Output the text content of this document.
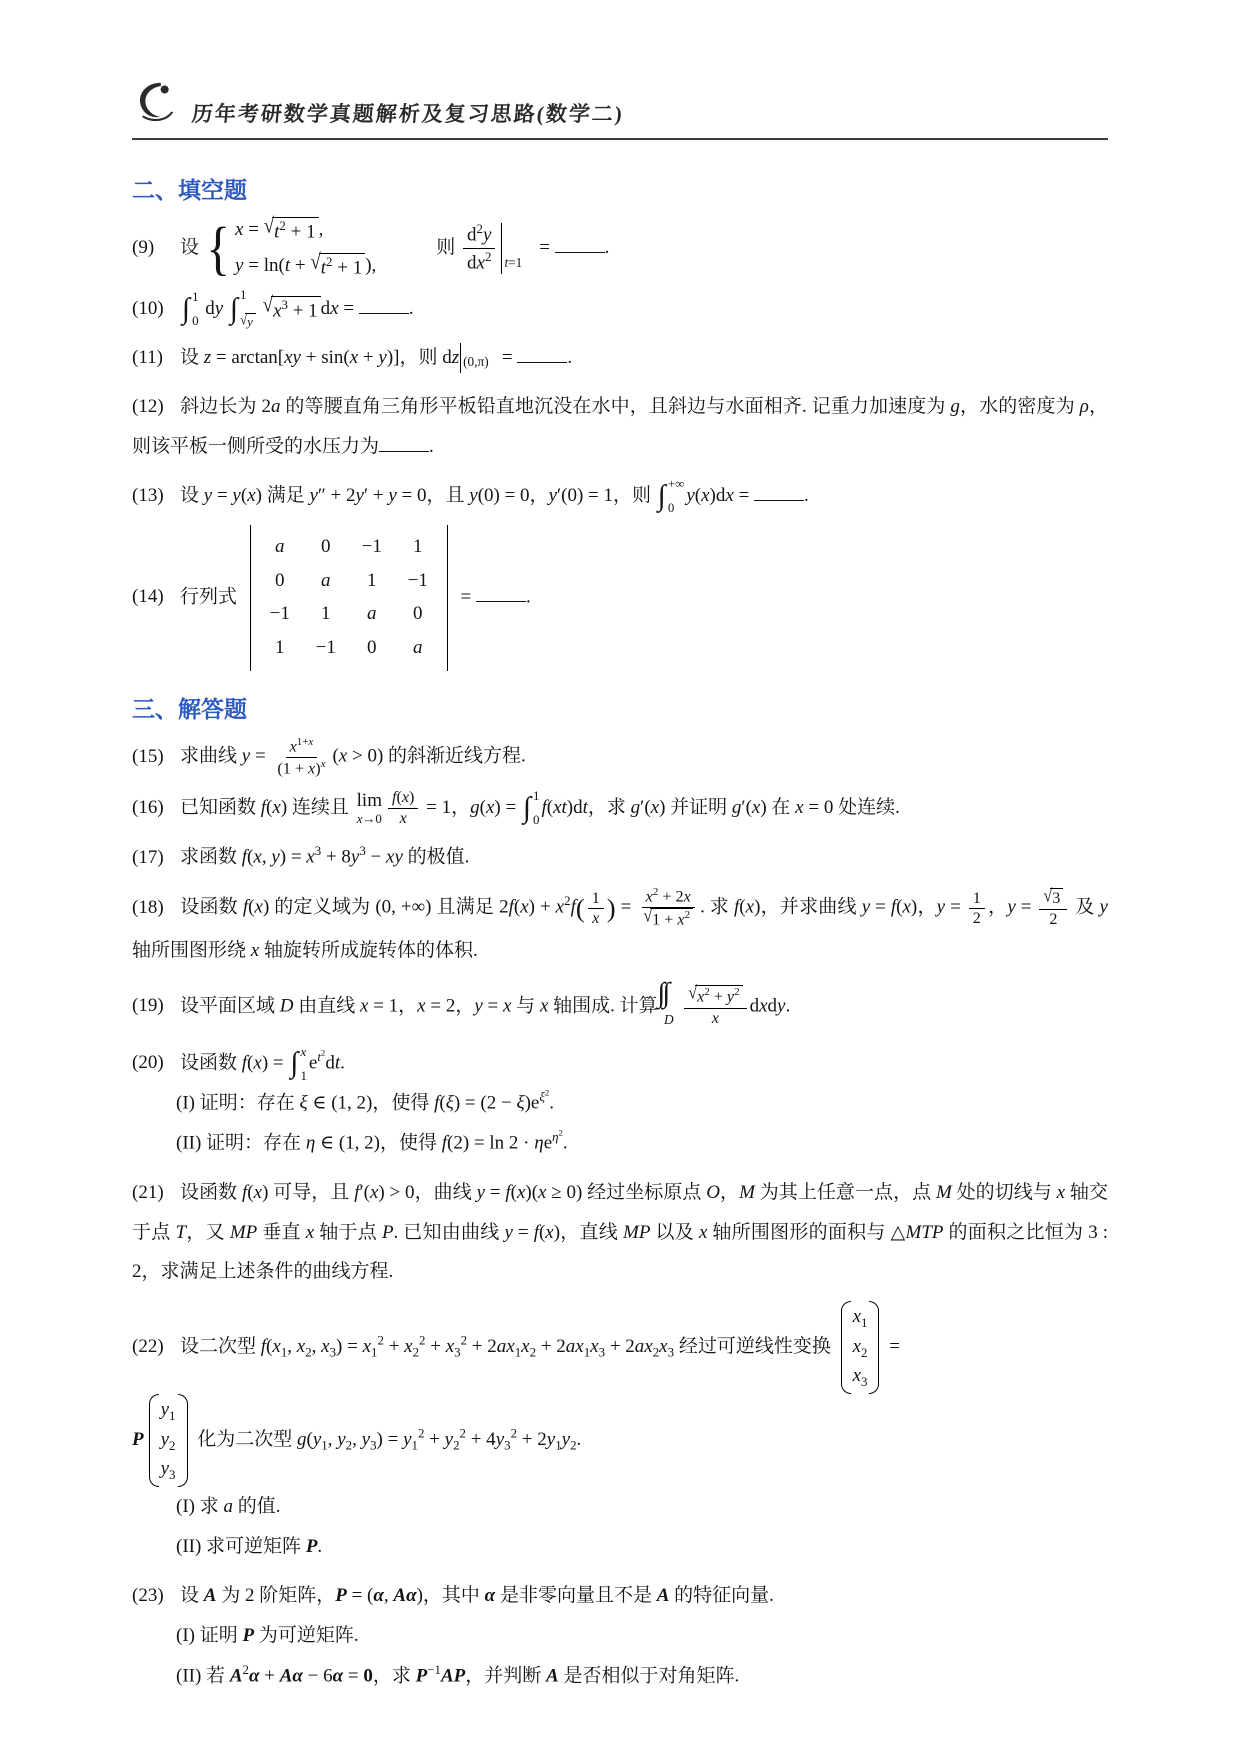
历年考研数学真题解析及复习思路(数学二)
二、填空题
(9) 设 { x = √ $t^2 + 1$ ,
y = ln(t + √ $t^2 + 1$ ),
则 $\frac{d^2y}{dx^2} t=1$
=	.
(10) ∫ 1
0
dy ∫ 1
√ y

√ $x^3 + 1$ dx =	.
(11) 设 z = arctan[xy + sin(x + y)]，则 dz (0,π) =	.
(12) 斜边长为 2a 的等腰直角三角形平板铅直地沉没在水中，且斜边与水面相齐. 记重力加速度为 g，水的密度为 ρ，则该平板一侧所受的水压力为	.
(13) 设 y = y(x) 满足 y″ + 2y′ + y = 0，且 y(0) = 0，y′(0) = 1，则 ∫ +∞
0
y(x)dx =	.
(14) 行列式
a	0	−1	1
0	a	1	−1
−1	1	a	0
1	−1	0	a
=	.
三、解答题
(15) 求曲线 $y = \frac{x^{1+x}}{(1 + x)^x} (x > 0)$ 的斜渐近线方程.
(16) 已知函数 f(x) 连续且 lim
$x\to 0 \frac{f(x)}{x} = 1$，g(x) = ∫ 1
0
f(xt)dt，求 g′(x) 并证明 g′(x) 在 x = 0 处连续.
(17) 求函数 f(x, $y) = x^3 + 8y^3$ − xy 的极值.
(18) 设函数 f(x) 的定义域为 (0, +∞) 且满足 $2f(x) + x^2f( \frac{1}{x}$ ) = $\frac{x^2 + 2x}{√ 1 + x^2}$ . 求 f(x)，并求曲线 y = f(x)，$y = \frac{1}{2}$ ，$y = \frac{√ 3}{2}$ 及 y 轴所围图形绕 x 轴旋转所成旋转体的体积.
(19) 设平面区域 D 由直线 x = 1，x = 2，y = x 与 x 轴围成. 计算
D $\frac{√ x^2 + y^2}{x}$ dxdy.
(20) 设函数 f(x) = ∫ x
1
$e^{t^2}dt$.
(I) 证明：存在 ξ ∈ (1, 2)，使得 $f(\xi) = (2 - \xi)e^{\xi^2}$.
(II) 证明：存在 η ∈ (1, 2)，使得 $f(2) = \ln 2 \cdot \eta e^{\eta^2}$.
(21) 设函数 f(x) 可导，且 f′(x) > 0，曲线 y = f(x)(x ≥ 0) 经过坐标原点 O，M 为其上任意一点，点 M 处的切线与 x 轴交于点 T，又 MP 垂直 x 轴于点 P. 已知由曲线 y = f(x)，直线 MP 以及 x 轴所围图形的面积与 △MTP 的面积之比恒为 3 : 2，求满足上述条件的曲线方程.
(22) 设二次型 $f(x_1$, $x_2$, $x_3) = x_1^2 + x_2^2 + x_3^2 + 2ax_1x_2 + 2ax_1x_3 + 2ax_2x_3$ 经过可逆线性变换
$x_1$
$x_2$
$x_3$
=
P
$y_1$
$y_2$
$y_3$
化为二次型 $g(y_1$, $y_2$, $y_3) = y_1^2 + y_2^2 + 4y_3^2 + 2y_1y_2$.
(I) 求 a 的值.
(II) 求可逆矩阵 P.
(23) 设 A 为 2 阶矩阵，P = (α, Aα)，其中 α 是非零向量且不是 A 的特征向量.
(I) 证明 P 为可逆矩阵.
(II) 若 $A^2\alpha + A\alpha - 6\alpha = 0$，求 $P^{-1}AP$，并判断 A 是否相似于对角矩阵.
